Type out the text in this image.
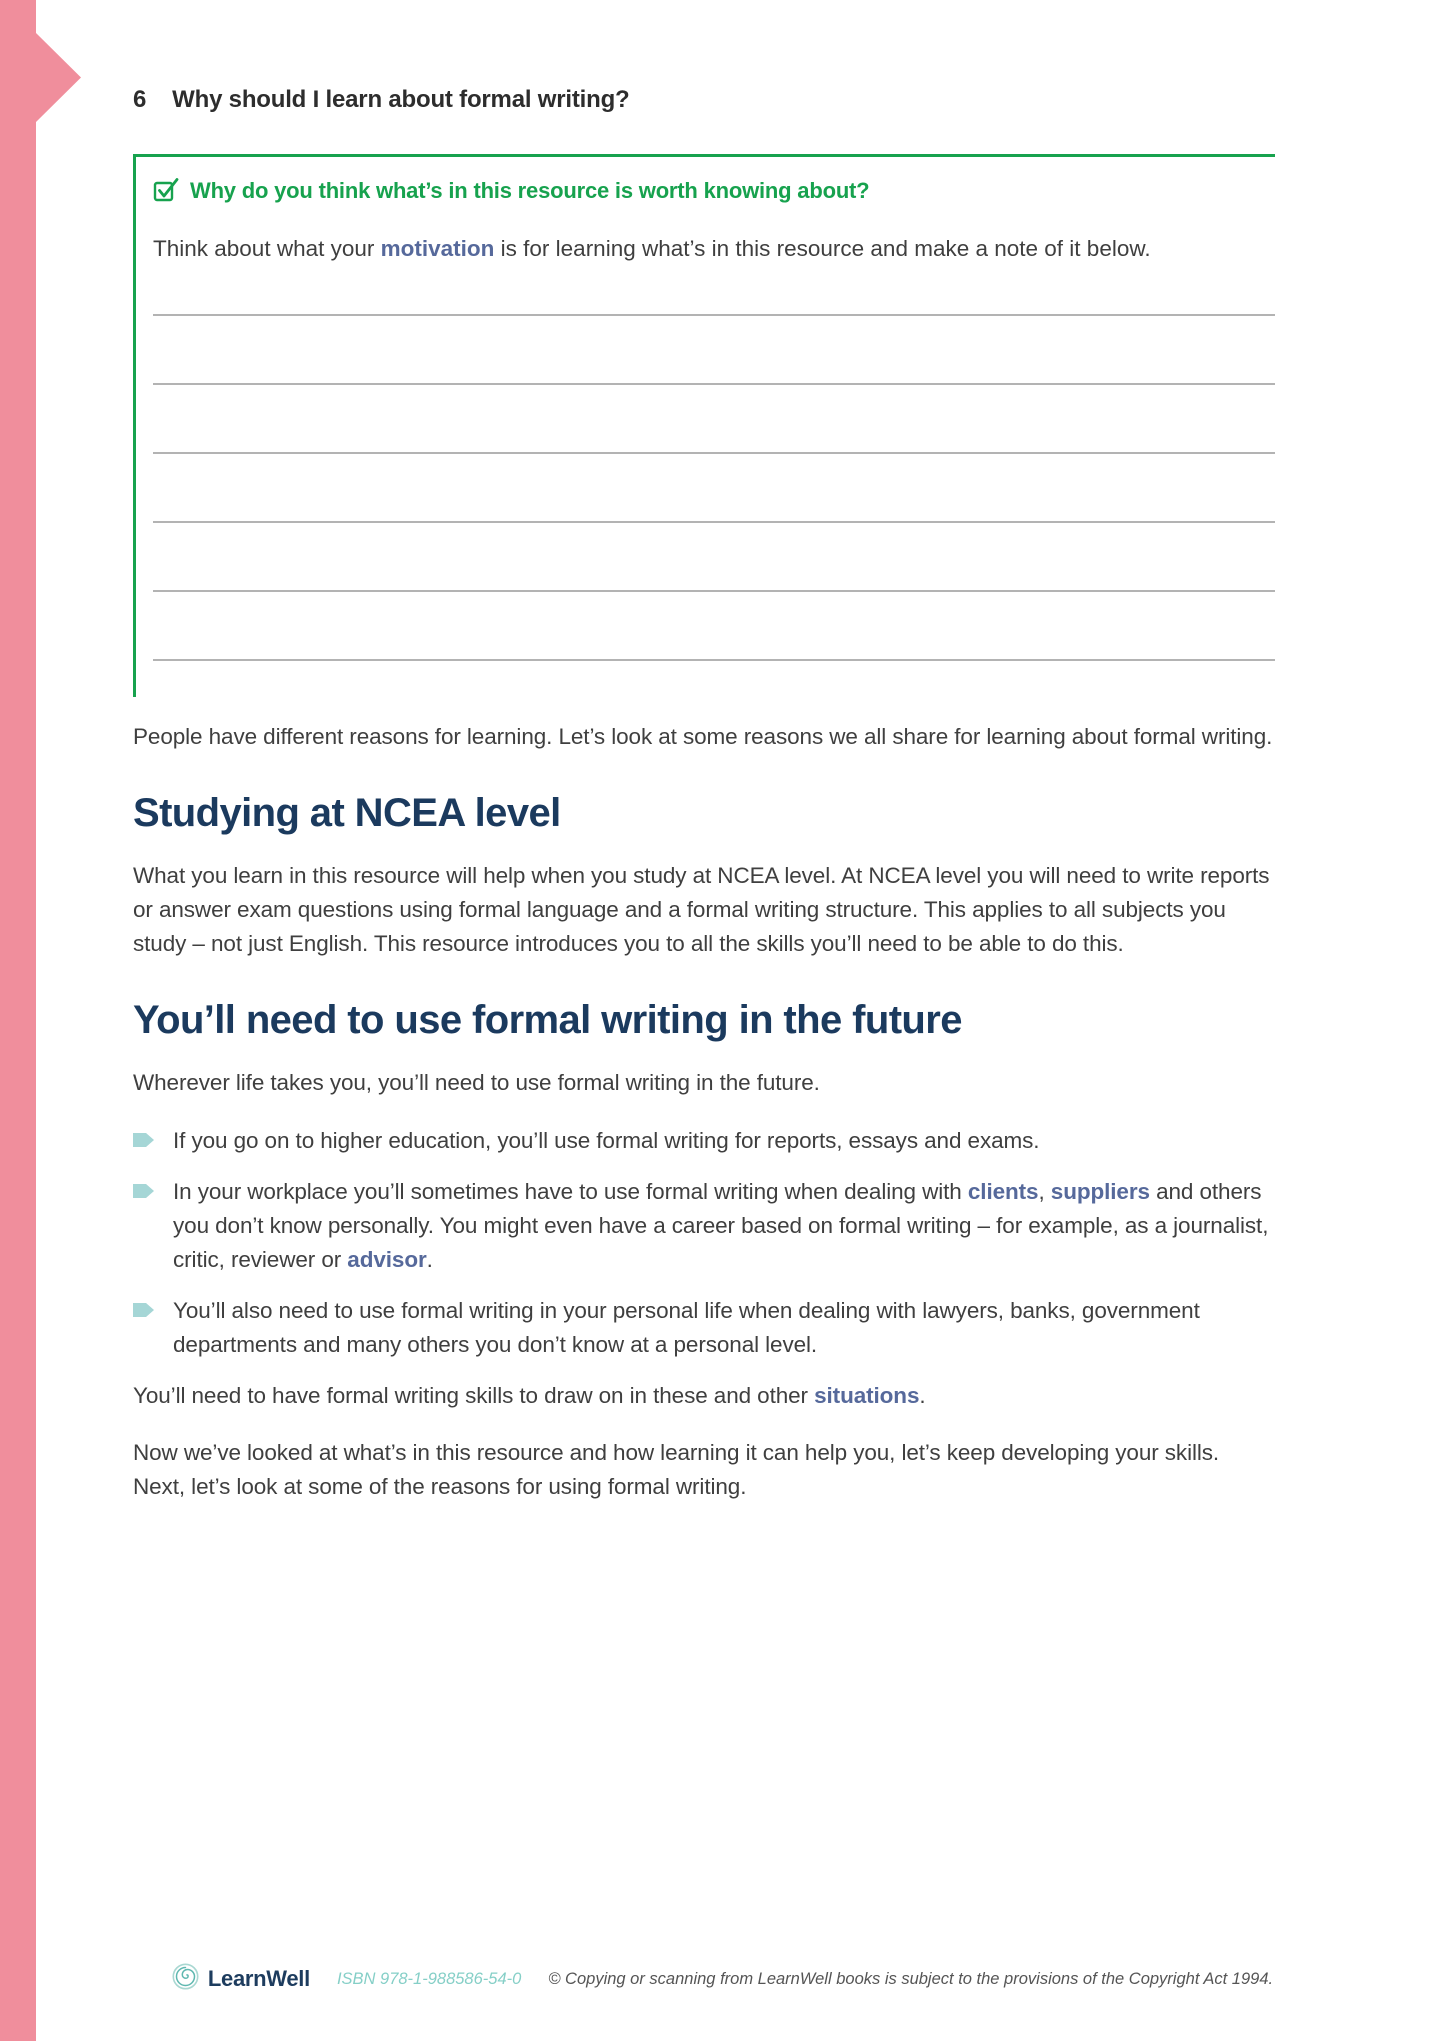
6 Why should I learn about formal writing?
Why do you think what’s in this resource is worth knowing about?

Think about what your motivation is for learning what’s in this resource and make a note of it below.

People have different reasons for learning. Let’s look at some reasons we all share for learning about formal writing.

Studying at NCEA level

What you learn in this resource will help when you study at NCEA level. At NCEA level you will need to write reports or answer exam questions using formal language and a formal writing structure. This applies to all subjects you study – not just English. This resource introduces you to all the skills you’ll need to be able to do this.

You’ll need to use formal writing in the future

Wherever life takes you, you’ll need to use formal writing in the future.

If you go on to higher education, you’ll use formal writing for reports, essays and exams.
In your workplace you’ll sometimes have to use formal writing when dealing with clients, suppliers and others you don’t know personally. You might even have a career based on formal writing – for example, as a journalist, critic, reviewer or advisor.
You’ll also need to use formal writing in your personal life when dealing with lawyers, banks, government departments and many others you don’t know at a personal level.

You’ll need to have formal writing skills to draw on in these and other situations.

Now we’ve looked at what’s in this resource and how learning it can help you, let’s keep developing your skills. Next, let’s look at some of the reasons for using formal writing.

LearnWell ISBN 978-1-988586-54-0 © Copying or scanning from LearnWell books is subject to the provisions of the Copyright Act 1994.
